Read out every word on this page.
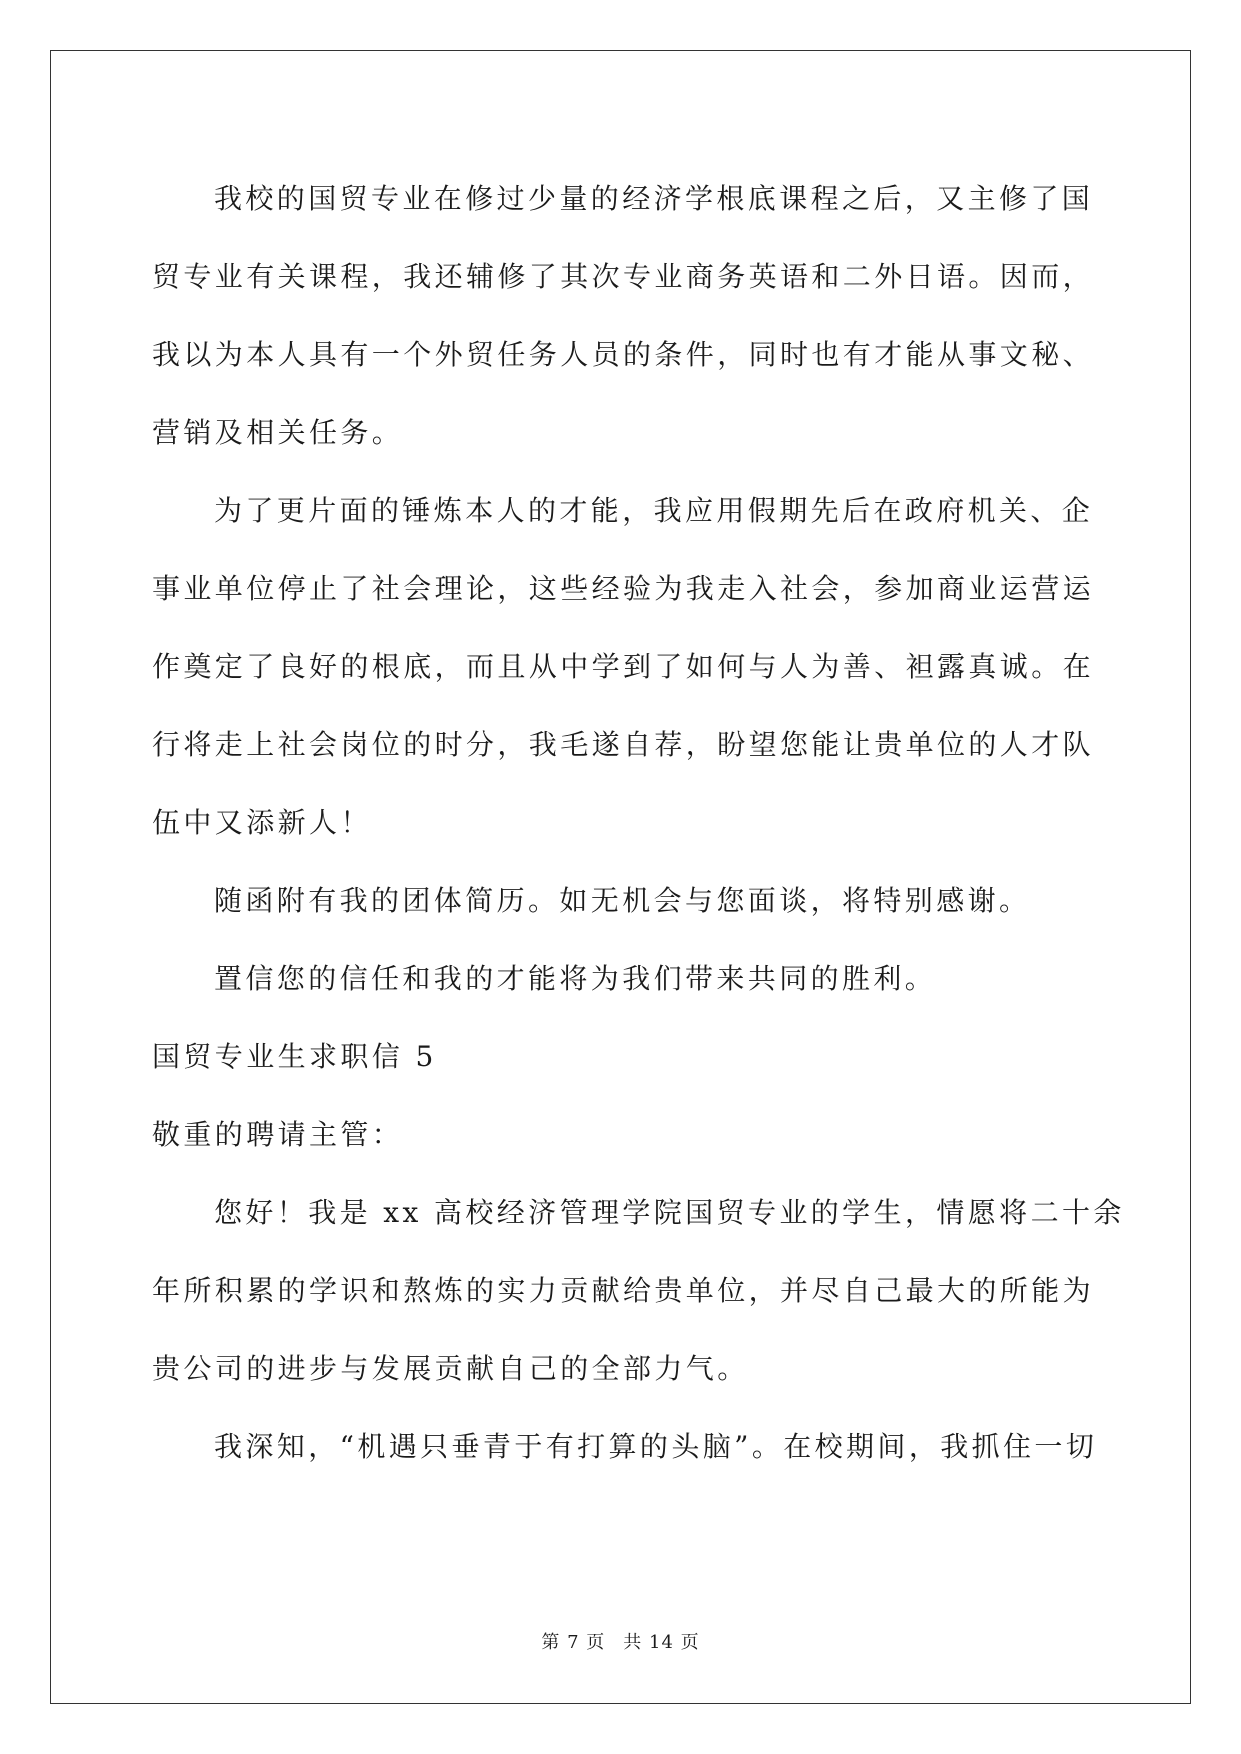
我校的国贸专业在修过少量的经济学根底课程之后，又主修了国
贸专业有关课程，我还辅修了其次专业商务英语和二外日语。因而，
我以为本人具有一个外贸任务人员的条件，同时也有才能从事文秘、
营销及相关任务。

为了更片面的锤炼本人的才能，我应用假期先后在政府机关、企
事业单位停止了社会理论，这些经验为我走入社会，参加商业运营运
作奠定了良好的根底，而且从中学到了如何与人为善、袒露真诚。在
行将走上社会岗位的时分，我毛遂自荐，盼望您能让贵单位的人才队
伍中又添新人！

随函附有我的团体简历。如无机会与您面谈，将特别感谢。

置信您的信任和我的才能将为我们带来共同的胜利。

国贸专业生求职信 5

敬重的聘请主管：

您好！我是 xx 高校经济管理学院国贸专业的学生，情愿将二十余
年所积累的学识和熬炼的实力贡献给贵单位，并尽自己最大的所能为
贵公司的进步与发展贡献自己的全部力气。

我深知，“机遇只垂青于有打算的头脑”。在校期间，我抓住一切

第 7 页 共 14 页
